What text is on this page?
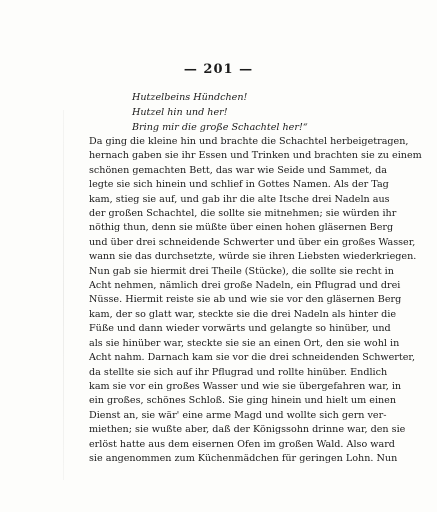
— 201 —
Hutzelbeins Hündchen!
Hutzel hin und her!
Bring mir die große Schachtel her!“
Da ging die kleine hin und brachte die Schachtel herbeigetragen,
hernach gaben sie ihr Essen und Trinken und brachten sie zu einem
schönen gemachten Bett, das war wie Seide und Sammet, da
legte sie sich hinein und schlief in Gottes Namen. Als der Tag
kam, stieg sie auf, und gab ihr die alte Itsche drei Nadeln aus
der großen Schachtel, die sollte sie mitnehmen; sie würden ihr
nöthig thun, denn sie müßte über einen hohen gläsernen Berg
und über drei schneidende Schwerter und über ein großes Wasser,
wann sie das durchsetzte, würde sie ihren Liebsten wiederkriegen.
Nun gab sie hiermit drei Theile (Stücke), die sollte sie recht in
Acht nehmen, nämlich drei große Nadeln, ein Pflugrad und drei
Nüsse. Hiermit reiste sie ab und wie sie vor den gläsernen Berg
kam, der so glatt war, steckte sie die drei Nadeln als hinter die
Füße und dann wieder vorwärts und gelangte so hinüber, und
als sie hinüber war, steckte sie sie an einen Ort, den sie wohl in
Acht nahm. Darnach kam sie vor die drei schneidenden Schwerter,
da stellte sie sich auf ihr Pflugrad und rollte hinüber. Endlich
kam sie vor ein großes Wasser und wie sie übergefahren war, in
ein großes, schönes Schloß. Sie ging hinein und hielt um einen
Dienst an, sie wär' eine arme Magd und wollte sich gern ver-
miethen; sie wußte aber, daß der Königssohn drinne war, den sie
erlöst hatte aus dem eisernen Ofen im großen Wald. Also ward
sie angenommen zum Küchenmädchen für geringen Lohn. Nun
